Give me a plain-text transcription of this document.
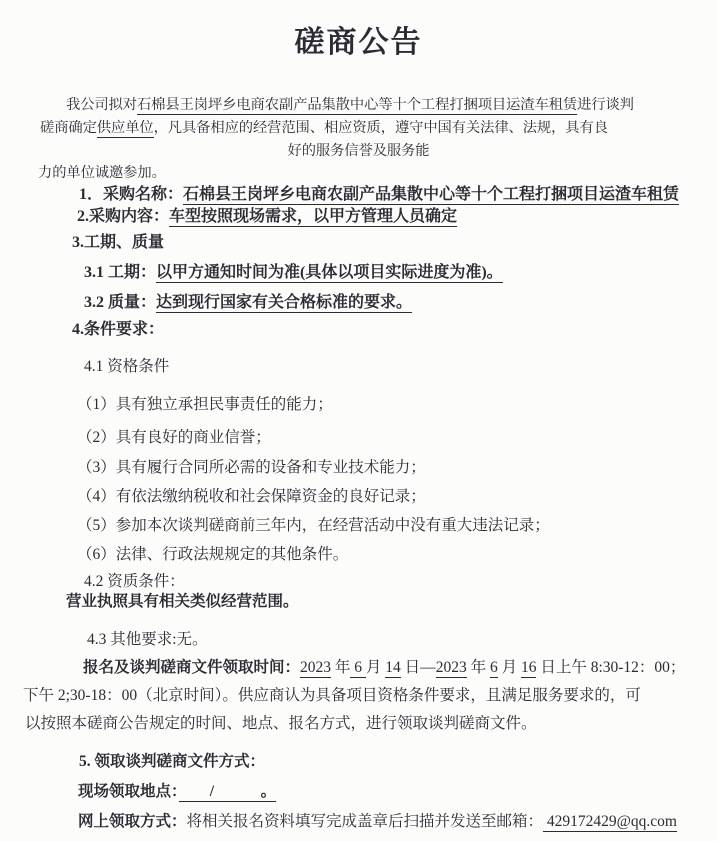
磋商公告
我公司拟对石棉县王岗坪乡电商农副产品集散中心等十个工程打捆项目运渣车租赁进行谈判
磋商确定供应单位，凡具备相应的经营范围、相应资质，遵守中国有关法律、法规，具有良
好的服务信誉及服务能
力的单位诚邀参加。
1．采购名称：石棉县王岗坪乡电商农副产品集散中心等十个工程打捆项目运渣车租赁
2.采购内容：车型按照现场需求，以甲方管理人员确定
3.工期、质量
3.1 工期：以甲方通知时间为准(具体以项目实际进度为准)。
3.2 质量：达到现行国家有关合格标准的要求。
4.条件要求：
4.1 资格条件
（1）具有独立承担民事责任的能力；
（2）具有良好的商业信誉；
（3）具有履行合同所必需的设备和专业技术能力；
（4）有依法缴纳税收和社会保障资金的良好记录；
（5）参加本次谈判磋商前三年内，在经营活动中没有重大违法记录；
（6）法律、行政法规规定的其他条件。
4.2 资质条件：
营业执照具有相关类似经营范围。
4.3 其他要求:无。
报名及谈判磋商文件领取时间：2023 年 6 月 14 日—2023 年 6 月 16 日上午 8:30-12：00；
下午 2;30-18：00（北京时间）。供应商认为具备项目资格条件要求，且满足服务要求的，可
以按照本磋商公告规定的时间、地点、报名方式，进行领取谈判磋商文件。
5. 领取谈判磋商文件方式：
现场领取地点：　　/　　　。
网上领取方式：将相关报名资料填写完成盖章后扫描并发送至邮箱： 429172429@qq.com
